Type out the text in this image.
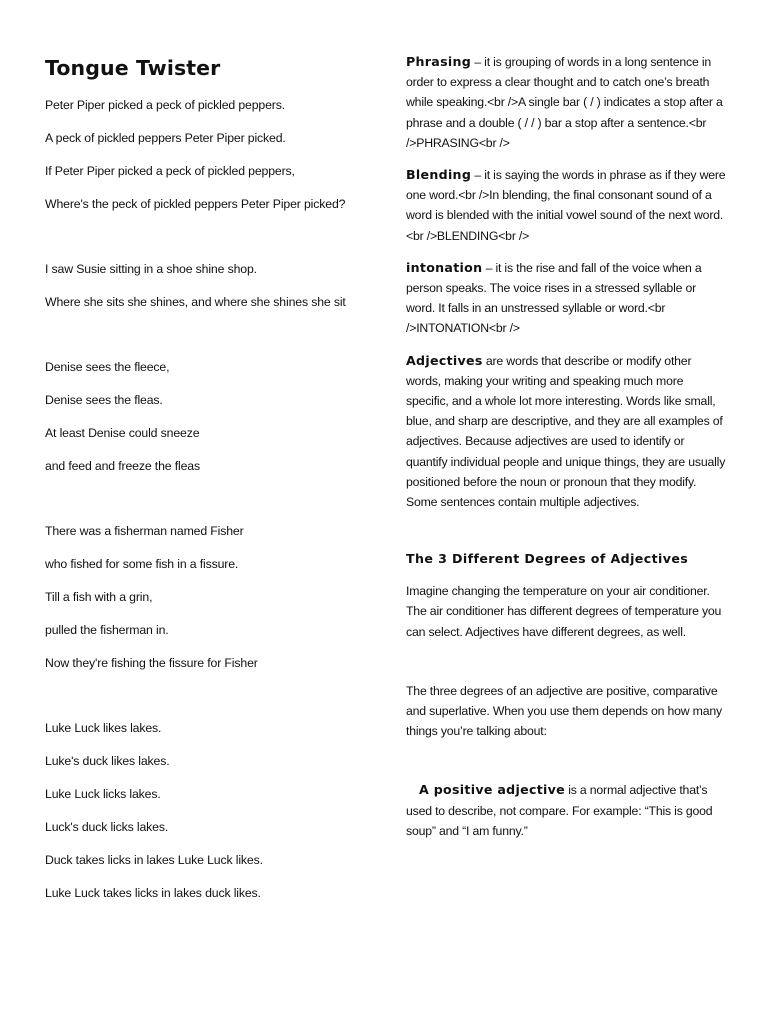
Tongue Twister
Peter Piper picked a peck of pickled peppers.
A peck of pickled peppers Peter Piper picked.
If Peter Piper picked a peck of pickled peppers,
Where's the peck of pickled peppers Peter Piper picked?
I saw Susie sitting in a shoe shine shop.
Where she sits she shines, and where she shines she sit
Denise sees the fleece,
Denise sees the fleas.
At least Denise could sneeze
and feed and freeze the fleas
There was a fisherman named Fisher
who fished for some fish in a fissure.
Till a fish with a grin,
pulled the fisherman in.
Now they're fishing the fissure for Fisher
Luke Luck likes lakes.
Luke's duck likes lakes.
Luke Luck licks lakes.
Luck's duck licks lakes.
Duck takes licks in lakes Luke Luck likes.
Luke Luck takes licks in lakes duck likes.
Phrasing – it is grouping of words in a long sentence in order to express a clear thought and to catch one’s breath while speaking.<br />A single bar ( / ) indicates a stop after a phrase and a double ( / / ) bar a stop after a sentence.<br />PHRASING<br />
Blending – it is saying the words in phrase as if they were one word.<br />In blending, the final consonant sound of a word is blended with the initial vowel sound of the next word.<br />BLENDING<br />
intonation – it is the rise and fall of the voice when a person speaks. The voice rises in a stressed syllable or word. It falls in an unstressed syllable or word.<br />INTONATION<br />
Adjectives are words that describe or modify other words, making your writing and speaking much more specific, and a whole lot more interesting. Words like small, blue, and sharp are descriptive, and they are all examples of adjectives. Because adjectives are used to identify or quantify individual people and unique things, they are usually positioned before the noun or pronoun that they modify. Some sentences contain multiple adjectives.
The 3 Different Degrees of Adjectives
Imagine changing the temperature on your air conditioner. The air conditioner has different degrees of temperature you can select. Adjectives have different degrees, as well.
The three degrees of an adjective are positive, comparative and superlative. When you use them depends on how many things you’re talking about:
A positive adjective is a normal adjective that’s used to describe, not compare. For example: “This is good soup” and “I am funny.”
